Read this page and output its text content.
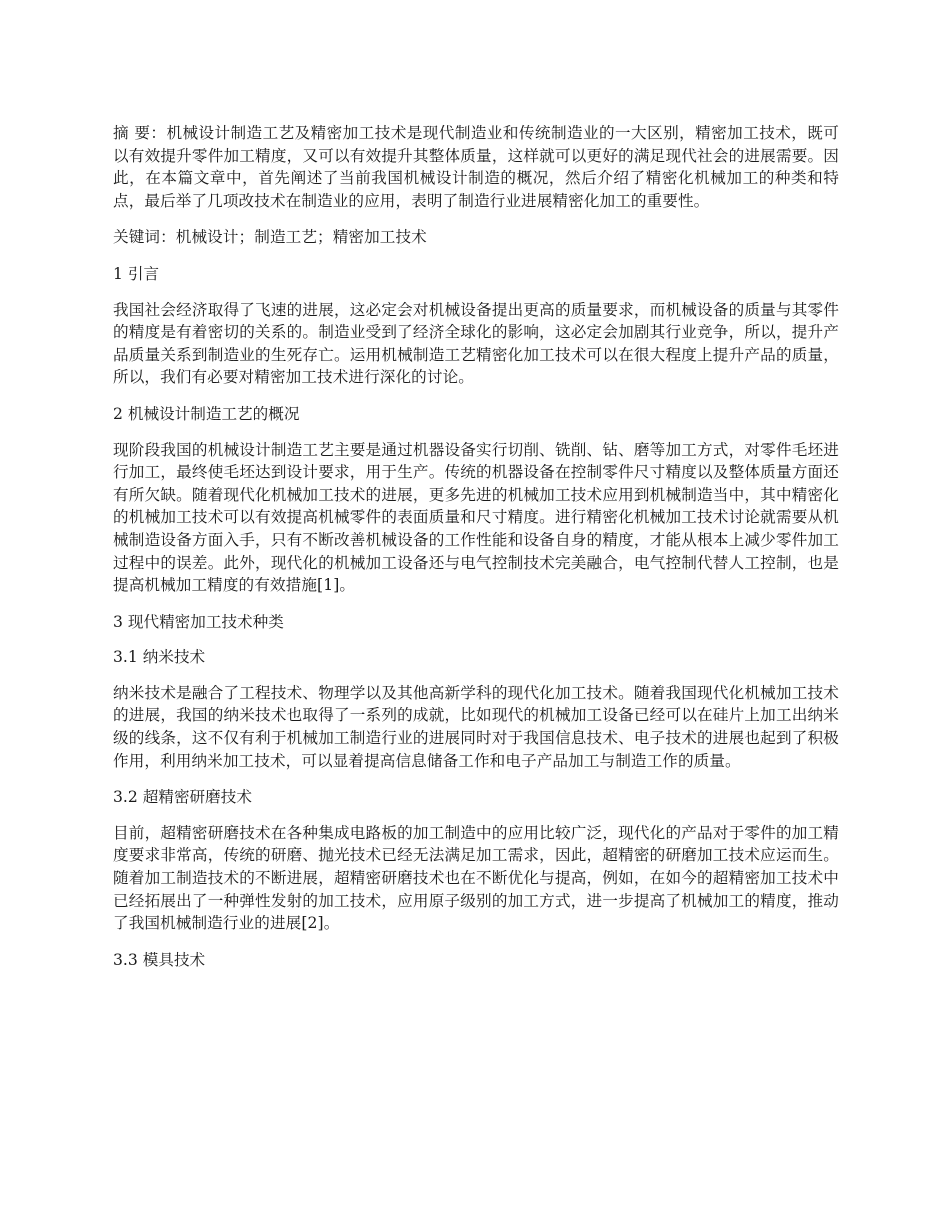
摘 要：机械设计制造工艺及精密加工技术是现代制造业和传统制造业的一大区别，精密加工技术，既可以有效提升零件加工精度，又可以有效提升其整体质量，这样就可以更好的满足现代社会的进展需要。因此，在本篇文章中，首先阐述了当前我国机械设计制造的概况，然后介绍了精密化机械加工的种类和特点，最后举了几项改技术在制造业的应用，表明了制造行业进展精密化加工的重要性。

关键词：机械设计；制造工艺；精密加工技术

1 引言

我国社会经济取得了飞速的进展，这必定会对机械设备提出更高的质量要求，而机械设备的质量与其零件的精度是有着密切的关系的。制造业受到了经济全球化的影响，这必定会加剧其行业竞争，所以，提升产品质量关系到制造业的生死存亡。运用机械制造工艺精密化加工技术可以在很大程度上提升产品的质量，所以，我们有必要对精密加工技术进行深化的讨论。

2 机械设计制造工艺的概况

现阶段我国的机械设计制造工艺主要是通过机器设备实行切削、铣削、钻、磨等加工方式，对零件毛坯进行加工，最终使毛坯达到设计要求，用于生产。传统的机器设备在控制零件尺寸精度以及整体质量方面还有所欠缺。随着现代化机械加工技术的进展，更多先进的机械加工技术应用到机械制造当中，其中精密化的机械加工技术可以有效提高机械零件的表面质量和尺寸精度。进行精密化机械加工技术讨论就需要从机械制造设备方面入手，只有不断改善机械设备的工作性能和设备自身的精度，才能从根本上减少零件加工过程中的误差。此外，现代化的机械加工设备还与电气控制技术完美融合，电气控制代替人工控制，也是提高机械加工精度的有效措施[1]。

3 现代精密加工技术种类

3.1 纳米技术

纳米技术是融合了工程技术、物理学以及其他高新学科的现代化加工技术。随着我国现代化机械加工技术的进展，我国的纳米技术也取得了一系列的成就，比如现代的机械加工设备已经可以在硅片上加工出纳米级的线条，这不仅有利于机械加工制造行业的进展同时对于我国信息技术、电子技术的进展也起到了积极作用，利用纳米加工技术，可以显着提高信息储备工作和电子产品加工与制造工作的质量。

3.2 超精密研磨技术

目前，超精密研磨技术在各种集成电路板的加工制造中的应用比较广泛，现代化的产品对于零件的加工精度要求非常高，传统的研磨、抛光技术已经无法满足加工需求，因此，超精密的研磨加工技术应运而生。随着加工制造技术的不断进展，超精密研磨技术也在不断优化与提高，例如，在如今的超精密加工技术中已经拓展出了一种弹性发射的加工技术，应用原子级别的加工方式，进一步提高了机械加工的精度，推动了我国机械制造行业的进展[2]。

3.3 模具技术
